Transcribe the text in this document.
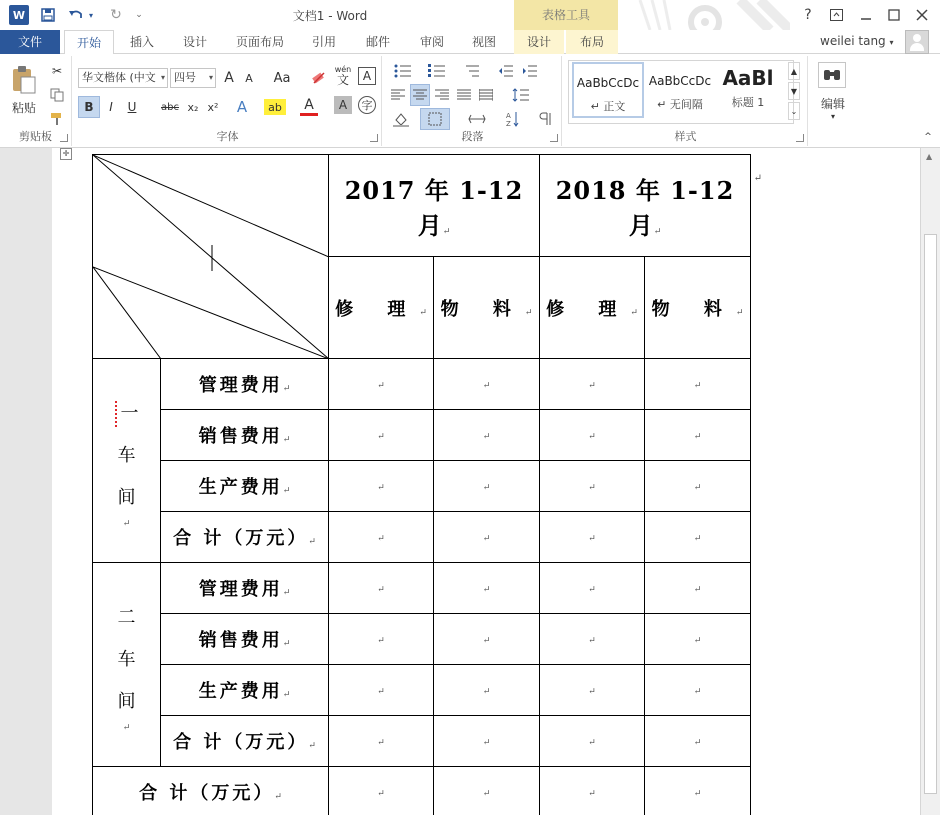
W	▾ ↻	⌄	文档1 - Word	表格工具	?
文件	开始	插入	设计	页面布局	引用	邮件	审阅	视图	设计	布局	weilei tang ▾
粘贴
✂
剪贴板
华文楷体 (中文 ▾ 四号 ▾ A	A	Aa
wén
文	A
B	I	U	abc x₂ x²	A	ab	A	A	字
字体
A
Z
段落
AaBbCcDc
↵ 正文
AaBbCcDc
↵ 无间隔
AaBl
标题 1
▲
▼
⌄
样式
编辑
▾
^
▲
✛
	2017 年 1-12 月↵		2018 年 1-12 月↵
↵	

		修 理↵	物 料↵	修 理↵	物 料↵

一
车
间
↵	管理费用↵	↵	↵	↵	↵
	销售费用↵	↵	↵	↵	↵
	生产费用↵	↵	↵	↵	↵
	合 计（万元）↵	↵	↵	↵	↵

二
车
间
↵	管理费用↵	↵	↵	↵	↵
	销售费用↵	↵	↵	↵	↵
	生产费用↵	↵	↵	↵	↵
	合 计（万元）↵	↵	↵	↵	↵
合 计（万元）↵		↵	↵	↵	↵
